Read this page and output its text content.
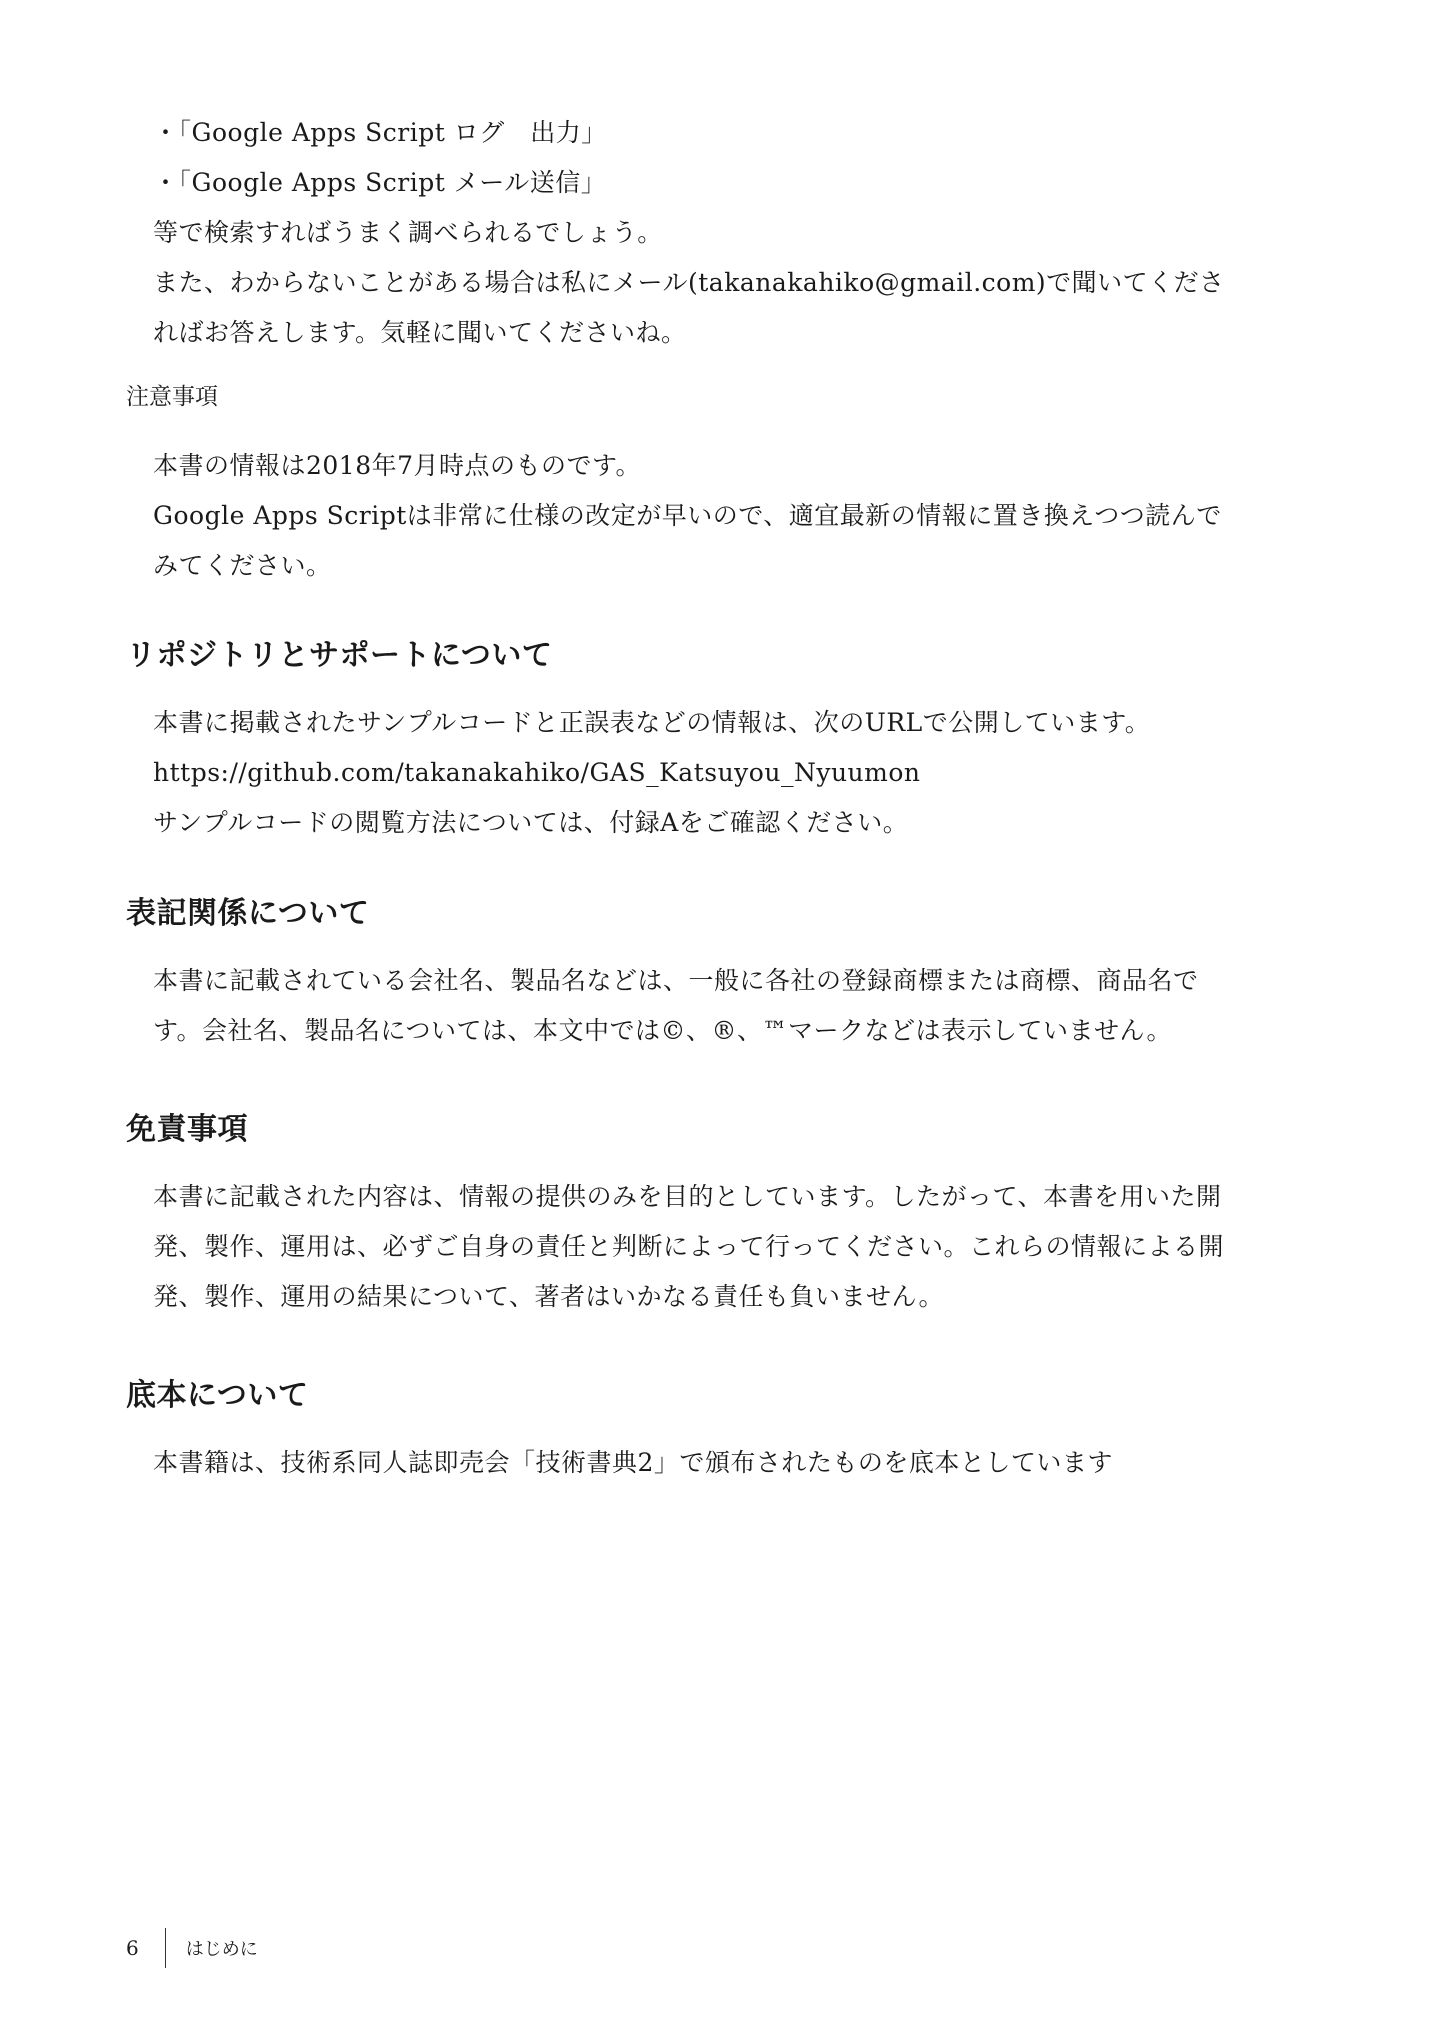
・「Google Apps Script ログ　出力」

・「Google Apps Script メール送信」

等で検索すればうまく調べられるでしょう。

また、わからないことがある場合は私にメール(takanakahiko@gmail.com)で聞いてくださればお答えします。気軽に聞いてくださいね。

注意事項

本書の情報は2018年7月時点のものです。

Google Apps Scriptは非常に仕様の改定が早いので、適宜最新の情報に置き換えつつ読んでみてください。

リポジトリとサポートについて

本書に掲載されたサンプルコードと正誤表などの情報は、次のURLで公開しています。

https://github.com/takanakahiko/GAS_Katsuyou_Nyuumon

サンプルコードの閲覧方法については、付録Aをご確認ください。

表記関係について

本書に記載されている会社名、製品名などは、一般に各社の登録商標または商標、商品名です。会社名、製品名については、本文中では©、®、™マークなどは表示していません。

免責事項

本書に記載された内容は、情報の提供のみを目的としています。したがって、本書を用いた開発、製作、運用は、必ずご自身の責任と判断によって行ってください。これらの情報による開発、製作、運用の結果について、著者はいかなる責任も負いません。

底本について

本書籍は、技術系同人誌即売会「技術書典2」で頒布されたものを底本としています

6	はじめに
